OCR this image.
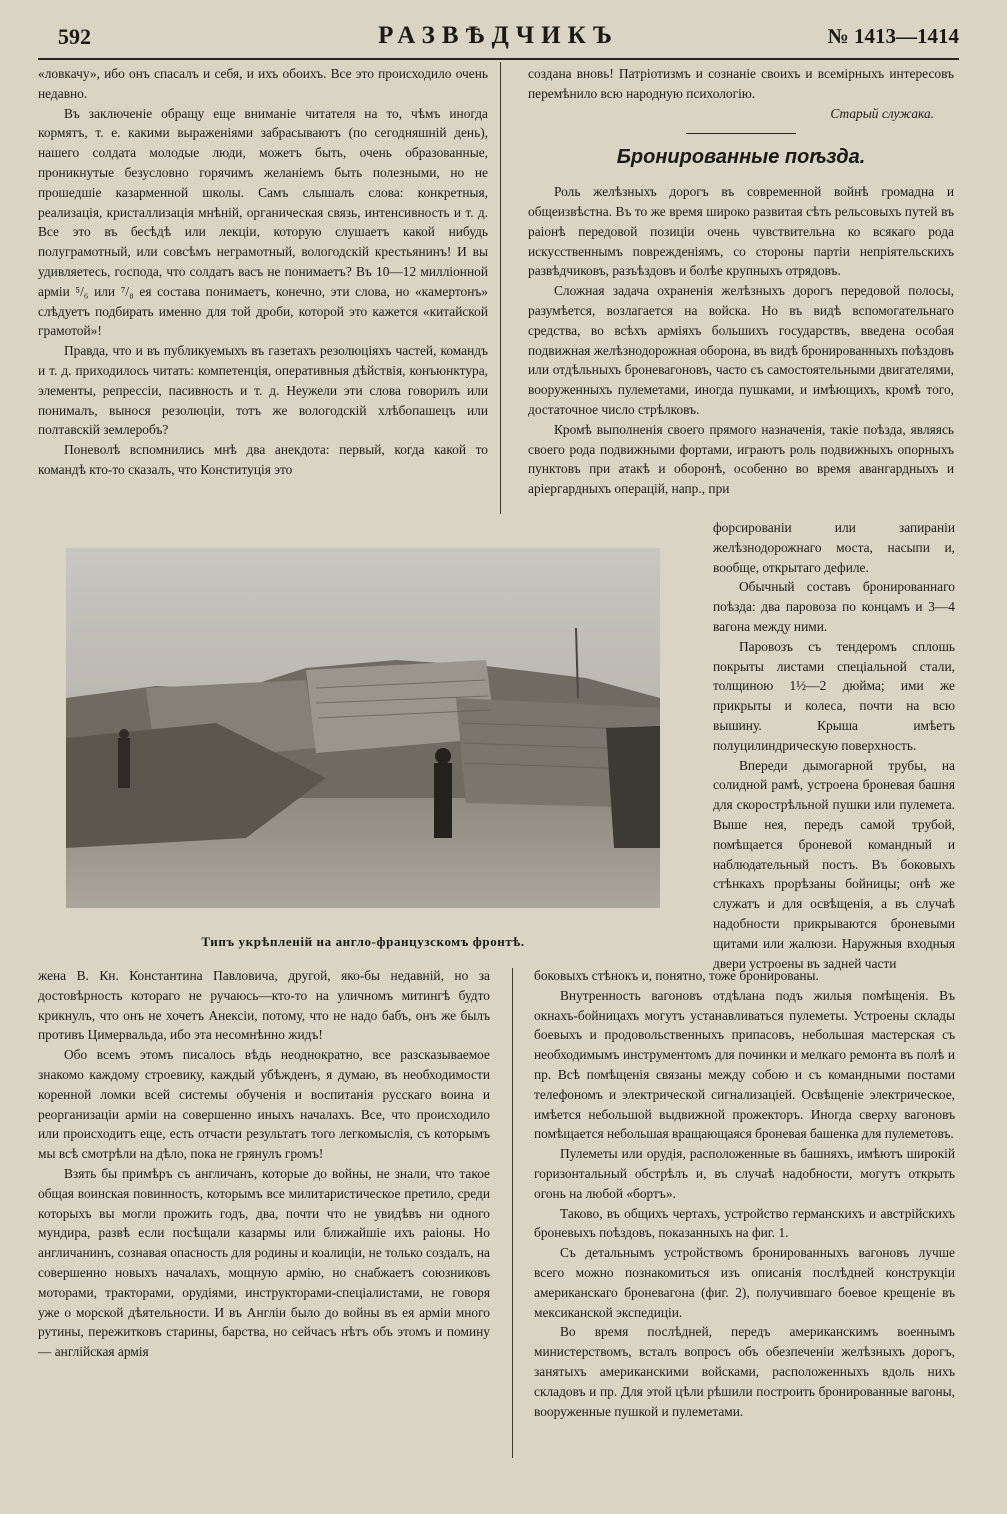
592	РАЗВѢДЧИКЪ	№ 1413—1414

«ловкачу», ибо онъ спасалъ и себя, и ихъ обоихъ. Все это происходило очень недавно.

Въ заключеніе обращу еще вниманіе читателя на то, чѣмъ иногда кормятъ, т. е. какими выраженіями забрасываютъ (по сегодняшній день), нашего солдата молодые люди, можетъ быть, очень образованные, проникнутые безусловно горячимъ желаніемъ быть полезными, но не прошедшіе казарменной школы. Самъ слышалъ слова: конкретныя, реализація, кристаллизація мнѣній, органическая связь, интенсивность и т. д. Все это въ бесѣдѣ или лекціи, которую слушаетъ какой нибудь полуграмотный, или совсѣмъ неграмотный, вологодскій крестьянинъ! И вы удивляетесь, господа, что солдатъ васъ не понимаетъ? Въ 10—12 милліонной арміи ⁵/₆ или ⁷/₈ ея состава понимаетъ, конечно, эти слова, но «камертонъ» слѣдуетъ подбирать именно для той дроби, которой это кажется «китайской грамотой»!

Правда, что и въ публикуемыхъ въ газетахъ резолюціяхъ частей, командъ и т. д. приходилось читать: компетенція, оперативныя дѣйствія, конъюнктура, элементы, репрессіи, пасивность и т. д. Неужели эти слова говорилъ или понималъ, вынося резолюціи, тотъ же вологодскій хлѣбопашецъ или полтавскій землеробъ?

Поневолѣ вспомнились мнѣ два анекдота: первый, когда какой то командѣ кто-то сказалъ, что Конституція это

создана вновь! Патріотизмъ и сознаніе своихъ и всемірныхъ интересовъ перемѣнило всю народную психологію.

Старый служака.
Бронированные поѣзда.

Роль желѣзныхъ дорогъ въ современной войнѣ громадна и общеизвѣстна. Въ то же время широко развитая сѣть рельсовыхъ путей въ раіонѣ передовой позиціи очень чувствительна ко всякаго рода искусственнымъ поврежденіямъ, со стороны партіи непріятельскихъ развѣдчиковъ, разъѣздовъ и болѣе крупныхъ отрядовъ.

Сложная задача охраненія желѣзныхъ дорогъ передовой полосы, разумѣется, возлагается на войска. Но въ видѣ вспомогательнаго средства, во всѣхъ арміяхъ большихъ государствъ, введена особая подвижная желѣзнодорожная оборона, въ видѣ бронированныхъ поѣздовъ или отдѣльныхъ броневагоновъ, часто съ самостоятельными двигателями, вооруженныхъ пулеметами, иногда пушками, и имѣющихъ, кромѣ того, достаточное число стрѣлковъ.

Кромѣ выполненія своего прямого назначенія, такіе поѣзда, являясь своего рода подвижными фортами, играютъ роль подвижныхъ опорныхъ пунктовъ при атакѣ и оборонѣ, особенно во время авангардныхъ и аріергардныхъ операцій, напр., при

Типъ укрѣпленій на англо-французскомъ фронтѣ.

форсированіи или запираніи желѣзнодорожнаго моста, насыпи и, вообще, открытаго дефиле.

Обычный составъ бронированнаго поѣзда: два паровоза по концамъ и 3—4 вагона между ними.

Паровозъ съ тендеромъ сплошь покрыты листами спеціальной стали, толщиною 1½—2 дюйма; ими же прикрыты и колеса, почти на всю вышину. Крыша имѣетъ полуцилиндрическую поверхность.

Впереди дымогарной трубы, на солидной рамѣ, устроена броневая башня для скорострѣльной пушки или пулемета. Выше нея, передъ самой трубой, помѣщается броневой командный и наблюдательный постъ. Въ боковыхъ стѣнкахъ прорѣзаны бойницы; онѣ же служатъ и для освѣщенія, а въ случаѣ надобности прикрываются броневыми щитами или жалюзи. Наружныя входныя двери устроены въ задней части

жена В. Кн. Константина Павловича, другой, яко-бы недавній, но за достовѣрность котораго не ручаюсь—кто-то на уличномъ митингѣ будто крикнулъ, что онъ не хочетъ Анексіи, потому, что не надо бабъ, онъ же былъ противъ Цимервальда, ибо эта несомнѣнно жидъ!

Обо всемъ этомъ писалось вѣдь неоднократно, все разсказываемое знакомо каждому строевику, каждый убѣжденъ, я думаю, въ необходимости коренной ломки всей системы обученія и воспитанія русскаго воина и реорганизаціи арміи на совершенно иныхъ началахъ. Все, что происходило или происходитъ еще, есть отчасти результатъ того легкомыслія, съ которымъ мы всѣ смотрѣли на дѣло, пока не грянулъ громъ!

Взять бы примѣръ съ англичанъ, которые до войны, не знали, что такое общая воинская повинность, которымъ все милитаристическое претило, среди которыхъ вы могли прожить годъ, два, почти что не увидѣвъ ни одного мундира, развѣ если посѣщали казармы или ближайшіе ихъ раіоны. Но англичанинъ, сознавая опасность для родины и коалиціи, не только создалъ, на совершенно новыхъ началахъ, мощную армію, но снабжаетъ союзниковъ моторами, тракторами, орудіями, инструкторами-спеціалистами, не говоря уже о морской дѣятельности. И въ Англіи было до войны въ ея арміи много рутины, пережитковъ старины, барства, но сейчасъ нѣтъ объ этомъ и помину — англійская армія

боковыхъ стѣнокъ и, понятно, тоже бронированы.

Внутренность вагоновъ отдѣлана подъ жилыя помѣщенія. Въ окнахъ-бойницахъ могутъ устанавливаться пулеметы. Устроены склады боевыхъ и продовольственныхъ припасовъ, небольшая мастерская съ необходимымъ инструментомъ для починки и мелкаго ремонта въ полѣ и пр. Всѣ помѣщенія связаны между собою и съ командными постами телефономъ и электрической сигнализаціей. Освѣщеніе электрическое, имѣется небольшой выдвижной прожекторъ. Иногда сверху вагоновъ помѣщается небольшая вращающаяся броневая башенка для пулеметовъ.

Пулеметы или орудія, расположенные въ башняхъ, имѣютъ широкій горизонтальный обстрѣлъ и, въ случаѣ надобности, могутъ открыть огонь на любой «бортъ».

Таково, въ общихъ чертахъ, устройство германскихъ и австрійскихъ броневыхъ поѣздовъ, показанныхъ на фиг. 1.

Съ детальнымъ устройствомъ бронированныхъ вагоновъ лучше всего можно познакомиться изъ описанія послѣдней конструкціи американскаго броневагона (фиг. 2), получившаго боевое крещеніе въ мексиканской экспедиціи.

Во время послѣдней, передъ американскимъ военнымъ министерствомъ, всталъ вопросъ объ обезпеченіи желѣзныхъ дорогъ, занятыхъ американскими войсками, расположенныхъ вдоль нихъ складовъ и пр. Для этой цѣли рѣшили построить бронированные вагоны, вооруженные пушкой и пулеметами.
